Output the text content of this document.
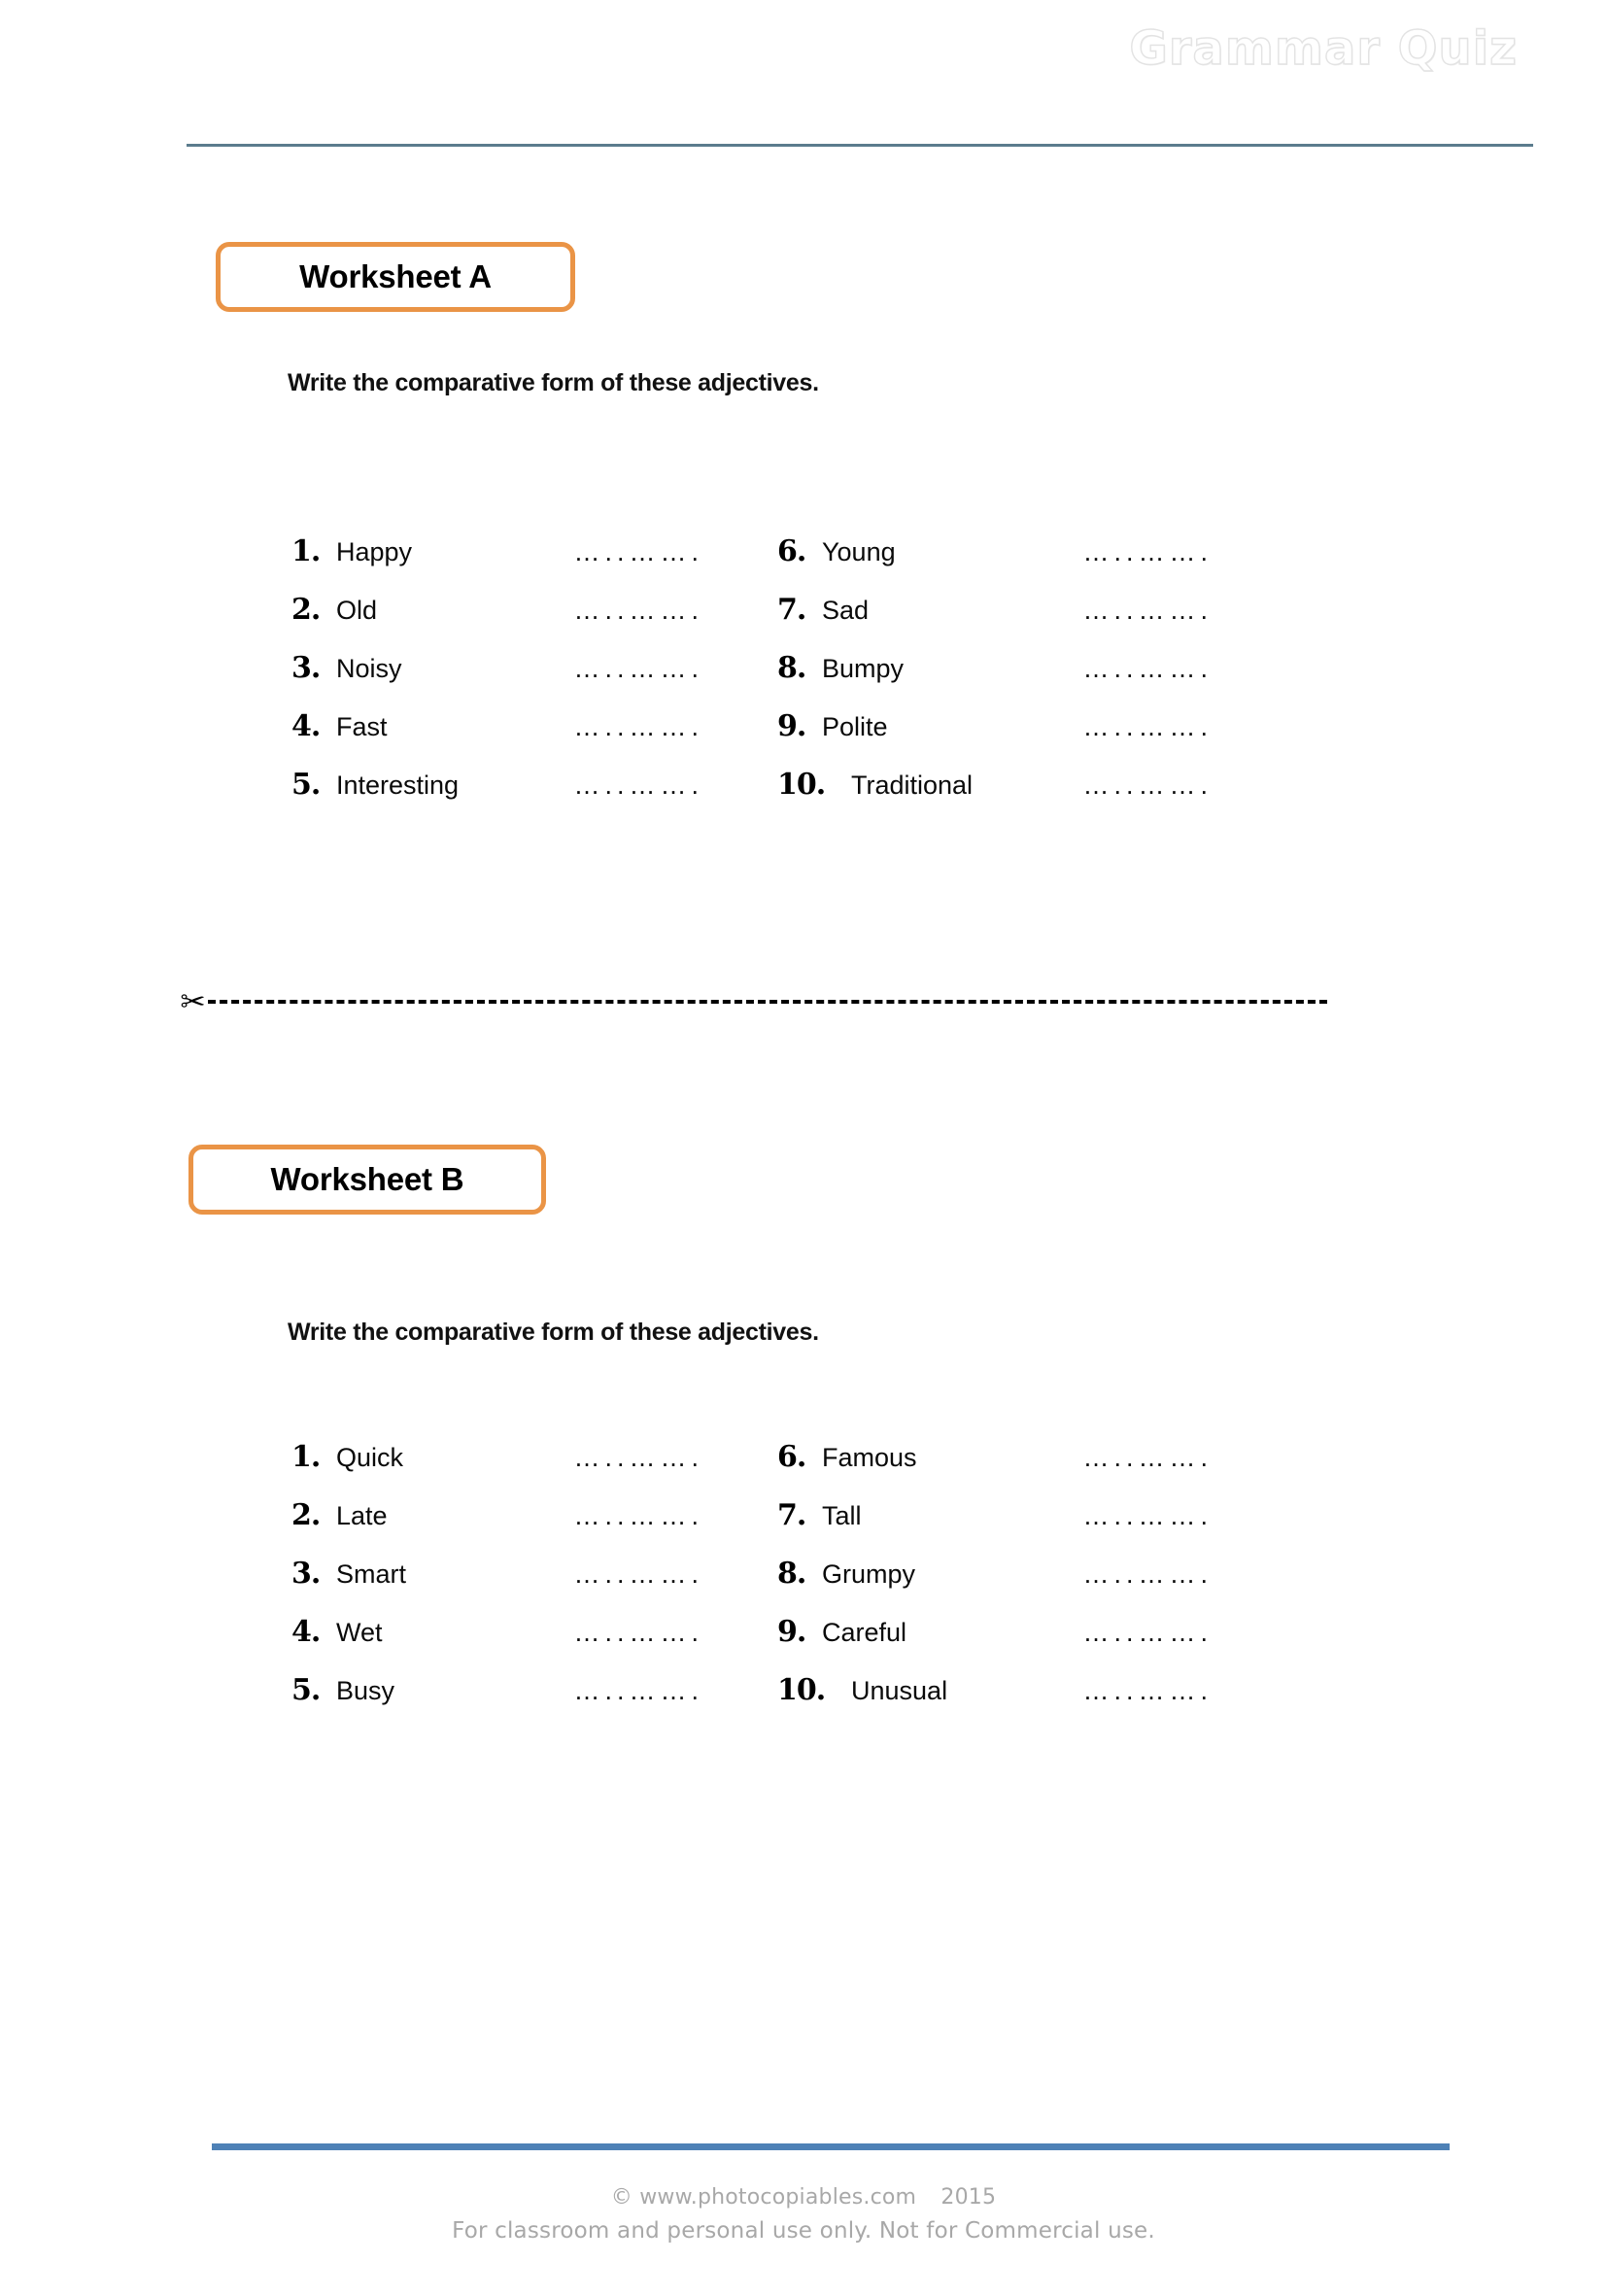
Grammar Quiz
Worksheet A
Write the comparative form of these adjectives.
1. Happy	…..…….	6. Young	…..…….
2. Old	…..…….	7. Sad	…..…….
3. Noisy	…..…….	8. Bumpy	…..…….
4. Fast	…..…….	9. Polite	…..…….
5. Interesting	…..…….	10. Traditional	…..…….
✂
Worksheet B
Write the comparative form of these adjectives.
1. Quick	…..…….	6. Famous	…..…….
2. Late	…..…….	7. Tall	…..…….
3. Smart	…..…….	8. Grumpy	…..…….
4. Wet	…..…….	9. Careful	…..…….
5. Busy	…..…….	10. Unusual	…..…….
© www.photocopiables.com 2015
For classroom and personal use only. Not for Commercial use.
